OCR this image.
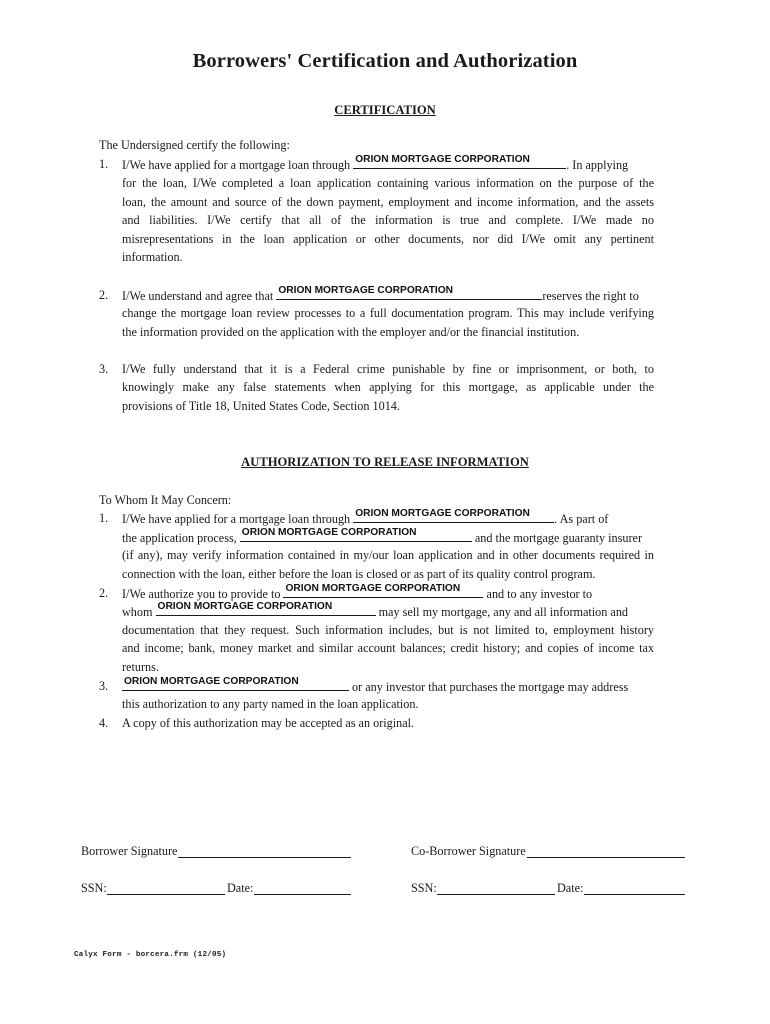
Borrowers' Certification and Authorization
CERTIFICATION
The Undersigned certify the following:
1. I/We have applied for a mortgage loan through ORION MORTGAGE CORPORATION	. In applying
for the loan, I/We completed a loan application containing various information on the purpose of the
loan, the amount and source of the down payment, employment and income information, and the assets
and liabilities. I/We certify that all of the information is true and complete. I/We made no
misrepresentations in the loan application or other documents, nor did I/We omit any pertinent
information.
2. I/We understand and agree that ORION MORTGAGE CORPORATION	reserves the right to
change the mortgage loan review processes to a full documentation program. This may include verifying
the information provided on the application with the employer and/or the financial institution.
3. I/We fully understand that it is a Federal crime punishable by fine or imprisonment, or both, to
knowingly make any false statements when applying for this mortgage, as applicable under the
provisions of Title 18, United States Code, Section 1014.
AUTHORIZATION TO RELEASE INFORMATION
To Whom It May Concern:
1. I/We have applied for a mortgage loan through ORION MORTGAGE CORPORATION . As part of
the application process, ORION MORTGAGE CORPORATION	and the mortgage guaranty insurer
(if any), may verify information contained in my/our loan application and in other documents required in
connection with the loan, either before the loan is closed or as part of its quality control program.
2. I/We authorize you to provide to ORION MORTGAGE CORPORATION and to any investor to
whom ORION MORTGAGE CORPORATION	may sell my mortgage, any and all information and
documentation that they request. Such information includes, but is not limited to, employment history
and income; bank, money market and similar account balances; credit history; and copies of income tax
returns.
3. ORION MORTGAGE CORPORATION	or any investor that purchases the mortgage may address
this authorization to any party named in the loan application.
4. A copy of this authorization may be accepted as an original.
Borrower Signature	Co-Borrower Signature
SSN:	Date:	SSN:	Date:
Calyx Form - borcera.frm (12/05)
